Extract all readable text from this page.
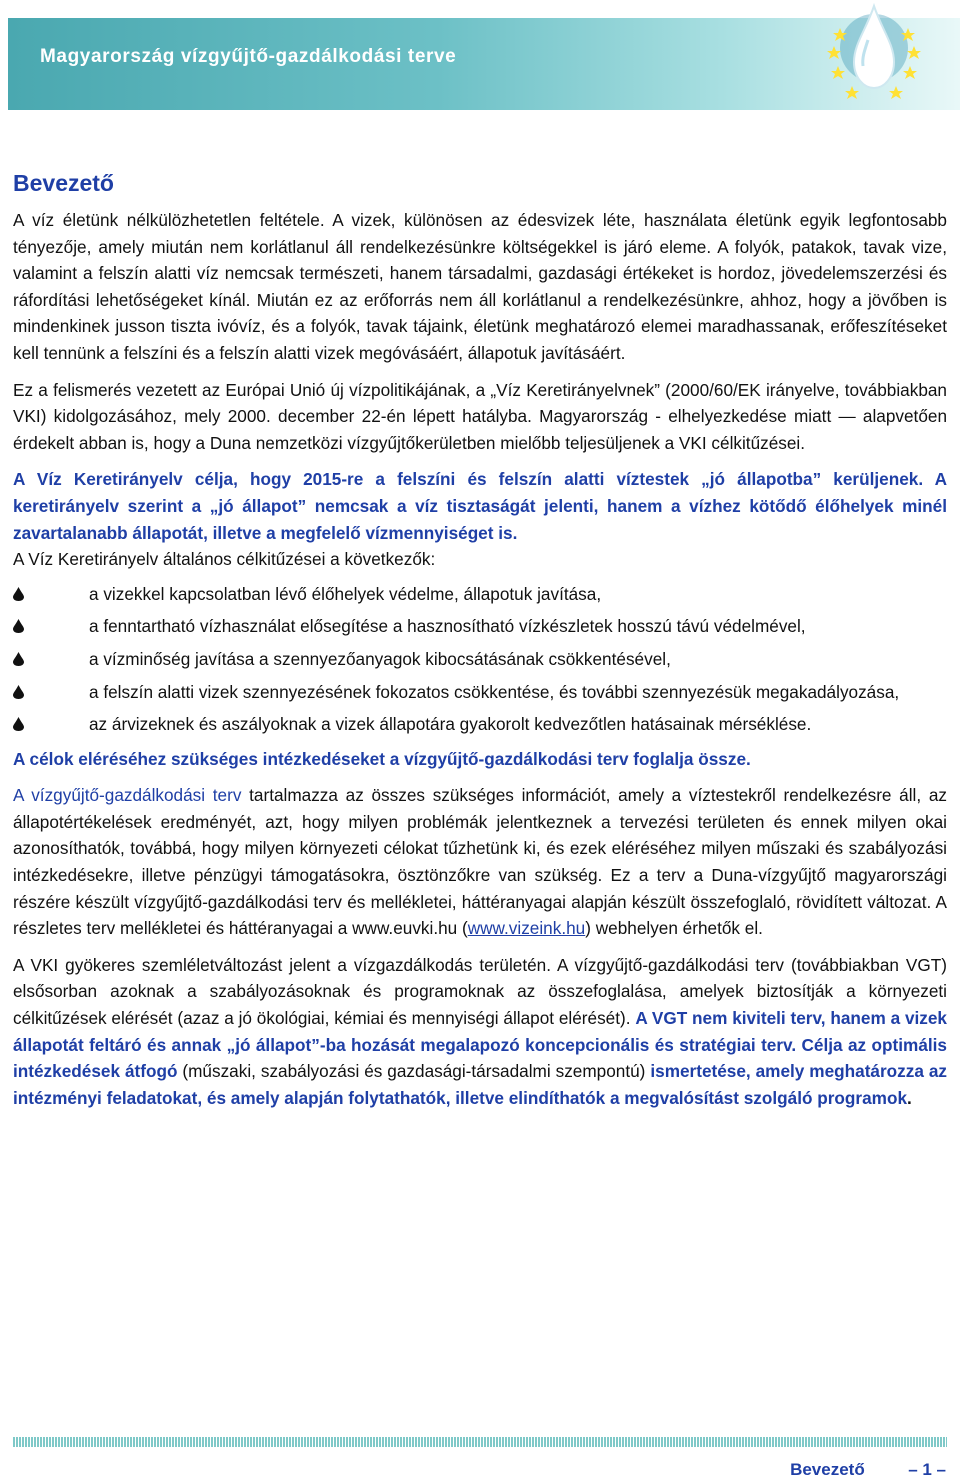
Magyarország vízgyűjtő-gazdálkodási terve
Bevezető

A víz életünk nélkülözhetetlen feltétele. A vizek, különösen az édesvizek léte, használata életünk egyik legfontosabb tényezője, amely miután nem korlátlanul áll rendelkezésünkre költségekkel is járó eleme. A folyók, patakok, tavak vize, valamint a felszín alatti víz nemcsak természeti, hanem társadalmi, gazdasági értékeket is hordoz, jövedelemszerzési és ráfordítási lehetőségeket kínál. Miután ez az erőforrás nem áll korlátlanul a rendelkezésünkre, ahhoz, hogy a jövőben is mindenkinek jusson tiszta ivóvíz, és a folyók, tavak tájaink, életünk meghatározó elemei maradhassanak, erőfeszítéseket kell tennünk a felszíni és a felszín alatti vizek megóvásáért, állapotuk javításáért.

Ez a felismerés vezetett az Európai Unió új vízpolitikájának, a „Víz Keretirányelvnek” (2000/60/EK irányelve, továbbiakban VKI) kidolgozásához, mely 2000. december 22-én lépett hatályba. Magyarország - elhelyezkedése miatt — alapvetően érdekelt abban is, hogy a Duna nemzetközi vízgyűjtőkerületben mielőbb teljesüljenek a VKI célkitűzései.

A Víz Keretirányelv célja, hogy 2015-re a felszíni és felszín alatti víztestek „jó állapotba” kerüljenek. A keretirányelv szerint a „jó állapot” nemcsak a víz tisztaságát jelenti, hanem a vízhez kötődő élőhelyek minél zavartalanabb állapotát, illetve a megfelelő vízmennyiséget is.

A Víz Keretirányelv általános célkitűzései a következők:

a vizekkel kapcsolatban lévő élőhelyek védelme, állapotuk javítása,
a fenntartható vízhasználat elősegítése a hasznosítható vízkészletek hosszú távú védelmével,
a vízminőség javítása a szennyezőanyagok kibocsátásának csökkentésével,
a felszín alatti vizek szennyezésének fokozatos csökkentése, és további szennyezésük megakadályozása,
az árvizeknek és aszályoknak a vizek állapotára gyakorolt kedvezőtlen hatásainak mérséklése.

A célok eléréséhez szükséges intézkedéseket a vízgyűjtő-gazdálkodási terv foglalja össze.

A vízgyűjtő-gazdálkodási terv tartalmazza az összes szükséges információt, amely a víztestekről rendelkezésre áll, az állapotértékelések eredményét, azt, hogy milyen problémák jelentkeznek a tervezési területen és ennek milyen okai azonosíthatók, továbbá, hogy milyen környezeti célokat tűzhetünk ki, és ezek eléréséhez milyen műszaki és szabályozási intézkedésekre, illetve pénzügyi támogatásokra, ösztönzőkre van szükség. Ez a terv a Duna-vízgyűjtő magyarországi részére készült vízgyűjtő-gazdálkodási terv és mellékletei, háttéranyagai alapján készült összefoglaló, rövidített változat. A részletes terv mellékletei és háttéranyagai a www.euvki.hu (www.vizeink.hu) webhelyen érhetők el.

A VKI gyökeres szemléletváltozást jelent a vízgazdálkodás területén. A vízgyűjtő-gazdálkodási terv (továbbiakban VGT) elsősorban azoknak a szabályozásoknak és programoknak az összefoglalása, amelyek biztosítják a környezeti célkitűzések elérését (azaz a jó ökológiai, kémiai és mennyiségi állapot elérését). A VGT nem kiviteli terv, hanem a vizek állapotát feltáró és annak „jó állapot”-ba hozását megalapozó koncepcionális és stratégiai terv. Célja az optimális intézkedések átfogó (műszaki, szabályozási és gazdasági-társadalmi szempontú) ismertetése, amely meghatározza az intézményi feladatokat, és amely alapján folytathatók, illetve elindíthatók a megvalósítást szolgáló programok.

Bevezető	– 1 –
